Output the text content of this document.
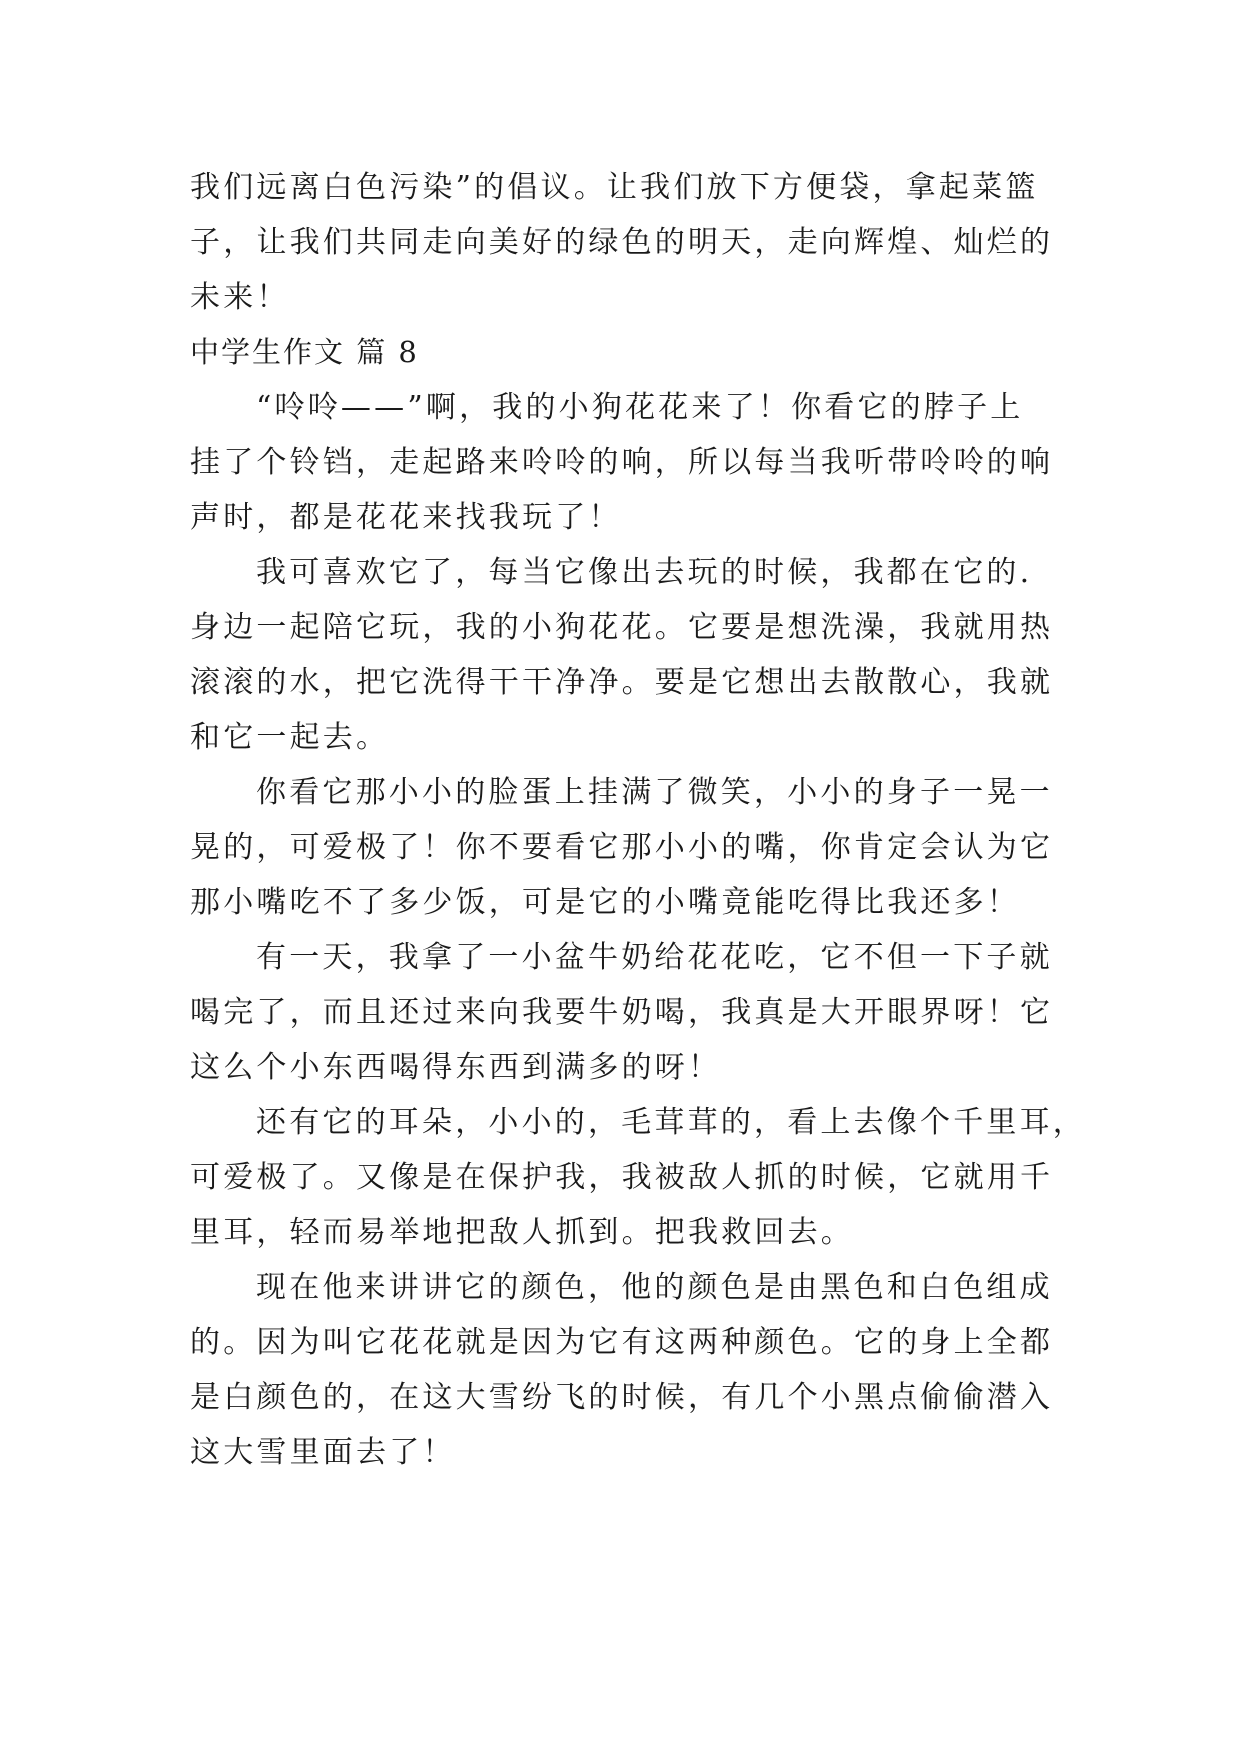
我们远离白色污染”的倡议。让我们放下方便袋，拿起菜篮
子，让我们共同走向美好的绿色的明天，走向辉煌、灿烂的
未来！
中学生作文 篇 8
“呤呤——”啊，我的小狗花花来了！你看它的脖子上
挂了个铃铛，走起路来呤呤的响，所以每当我听带呤呤的响
声时，都是花花来找我玩了！
我可喜欢它了，每当它像出去玩的时候，我都在它的.
身边一起陪它玩，我的小狗花花。它要是想洗澡，我就用热
滚滚的水，把它洗得干干净净。要是它想出去散散心，我就
和它一起去。
你看它那小小的脸蛋上挂满了微笑，小小的身子一晃一
晃的，可爱极了！你不要看它那小小的嘴，你肯定会认为它
那小嘴吃不了多少饭，可是它的小嘴竟能吃得比我还多！
有一天，我拿了一小盆牛奶给花花吃，它不但一下子就
喝完了，而且还过来向我要牛奶喝，我真是大开眼界呀！它
这么个小东西喝得东西到满多的呀！
还有它的耳朵，小小的，毛茸茸的，看上去像个千里耳，
可爱极了。又像是在保护我，我被敌人抓的时候，它就用千
里耳，轻而易举地把敌人抓到。把我救回去。
现在他来讲讲它的颜色，他的颜色是由黑色和白色组成
的。因为叫它花花就是因为它有这两种颜色。它的身上全都
是白颜色的，在这大雪纷飞的时候，有几个小黑点偷偷潜入
这大雪里面去了！
